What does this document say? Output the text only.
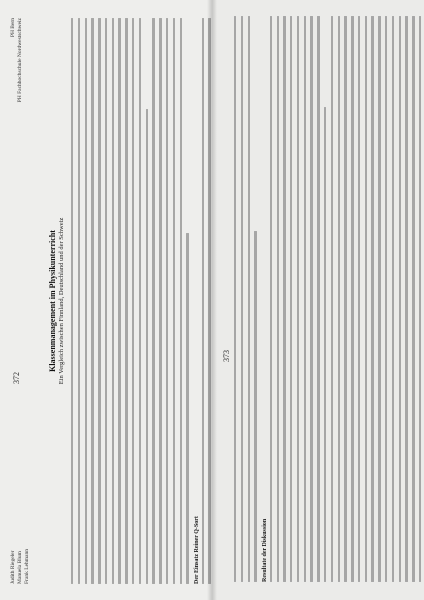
Judith Riegeler Manuela Blum Frank Lehmann
372
PH Bern PH Fachhochschule Nordwestschweiz
Klassenmanagement im Physikunterricht Ein Vergleich zwischen Finnland, Deutschland und der Schweiz
Der Einsatz Reiner Q-Sort
373
Resultate der Diskussion
